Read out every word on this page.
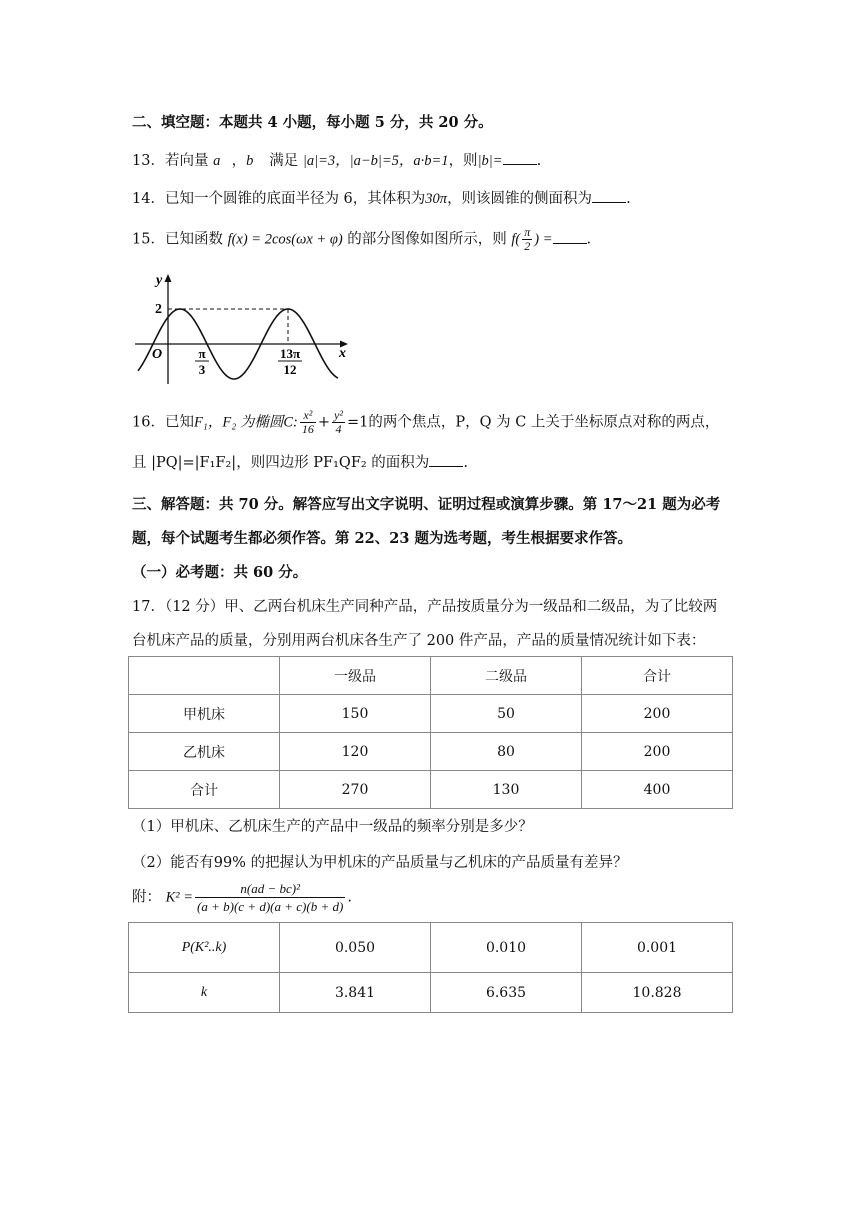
二、填空题：本题共 4 小题，每小题 5 分，共 20 分。
13．若向量 a⃗，b⃗ 满足 |a|=3，|a−b|=5，a·b=1，则|b|= .
14．已知一个圆锥的底面半径为 6，其体积为30π，则该圆锥的侧面积为 .
15．已知函数 f(x) = 2cos(ωx + φ) 的部分图像如图所示，则 $f( \frac{\pi}{2}$ ) = .
y
x
O
2
π
3
13π
12
16．已知F₁，F₂ 为椭圆C: $\frac{\text{x²}}{16} + \frac{\text{y²}}{4} =1$的两个焦点，P，Q 为 C 上关于坐标原点对称的两点，
且 |PQ|=|F₁F₂|，则四边形 PF₁QF₂ 的面积为 .
三、解答题：共 70 分。解答应写出文字说明、证明过程或演算步骤。第 17～21 题为必考
题，每个试题考生都必须作答。第 22、23 题为选考题，考生根据要求作答。
（一）必考题：共 60 分。
17．（12 分）甲、乙两台机床生产同种产品，产品按质量分为一级品和二级品，为了比较两
台机床产品的质量，分别用两台机床各生产了 200 件产品，产品的质量情况统计如下表：
	一级品	二级品	合计
甲机床	150	50	200
乙机床	120	80	200
合计	270	130	400
（1）甲机床、乙机床生产的产品中一级品的频率分别是多少？
（2）能否有99% 的把握认为甲机床的产品质量与乙机床的产品质量有差异？
附： $K^2 = \frac{\text{n(ad − bc)²}}{(a + b)(c + d)(a + c)(b + d)}$ .
P(K²..k)	0.050	0.010	0.001
k	3.841	6.635	10.828
